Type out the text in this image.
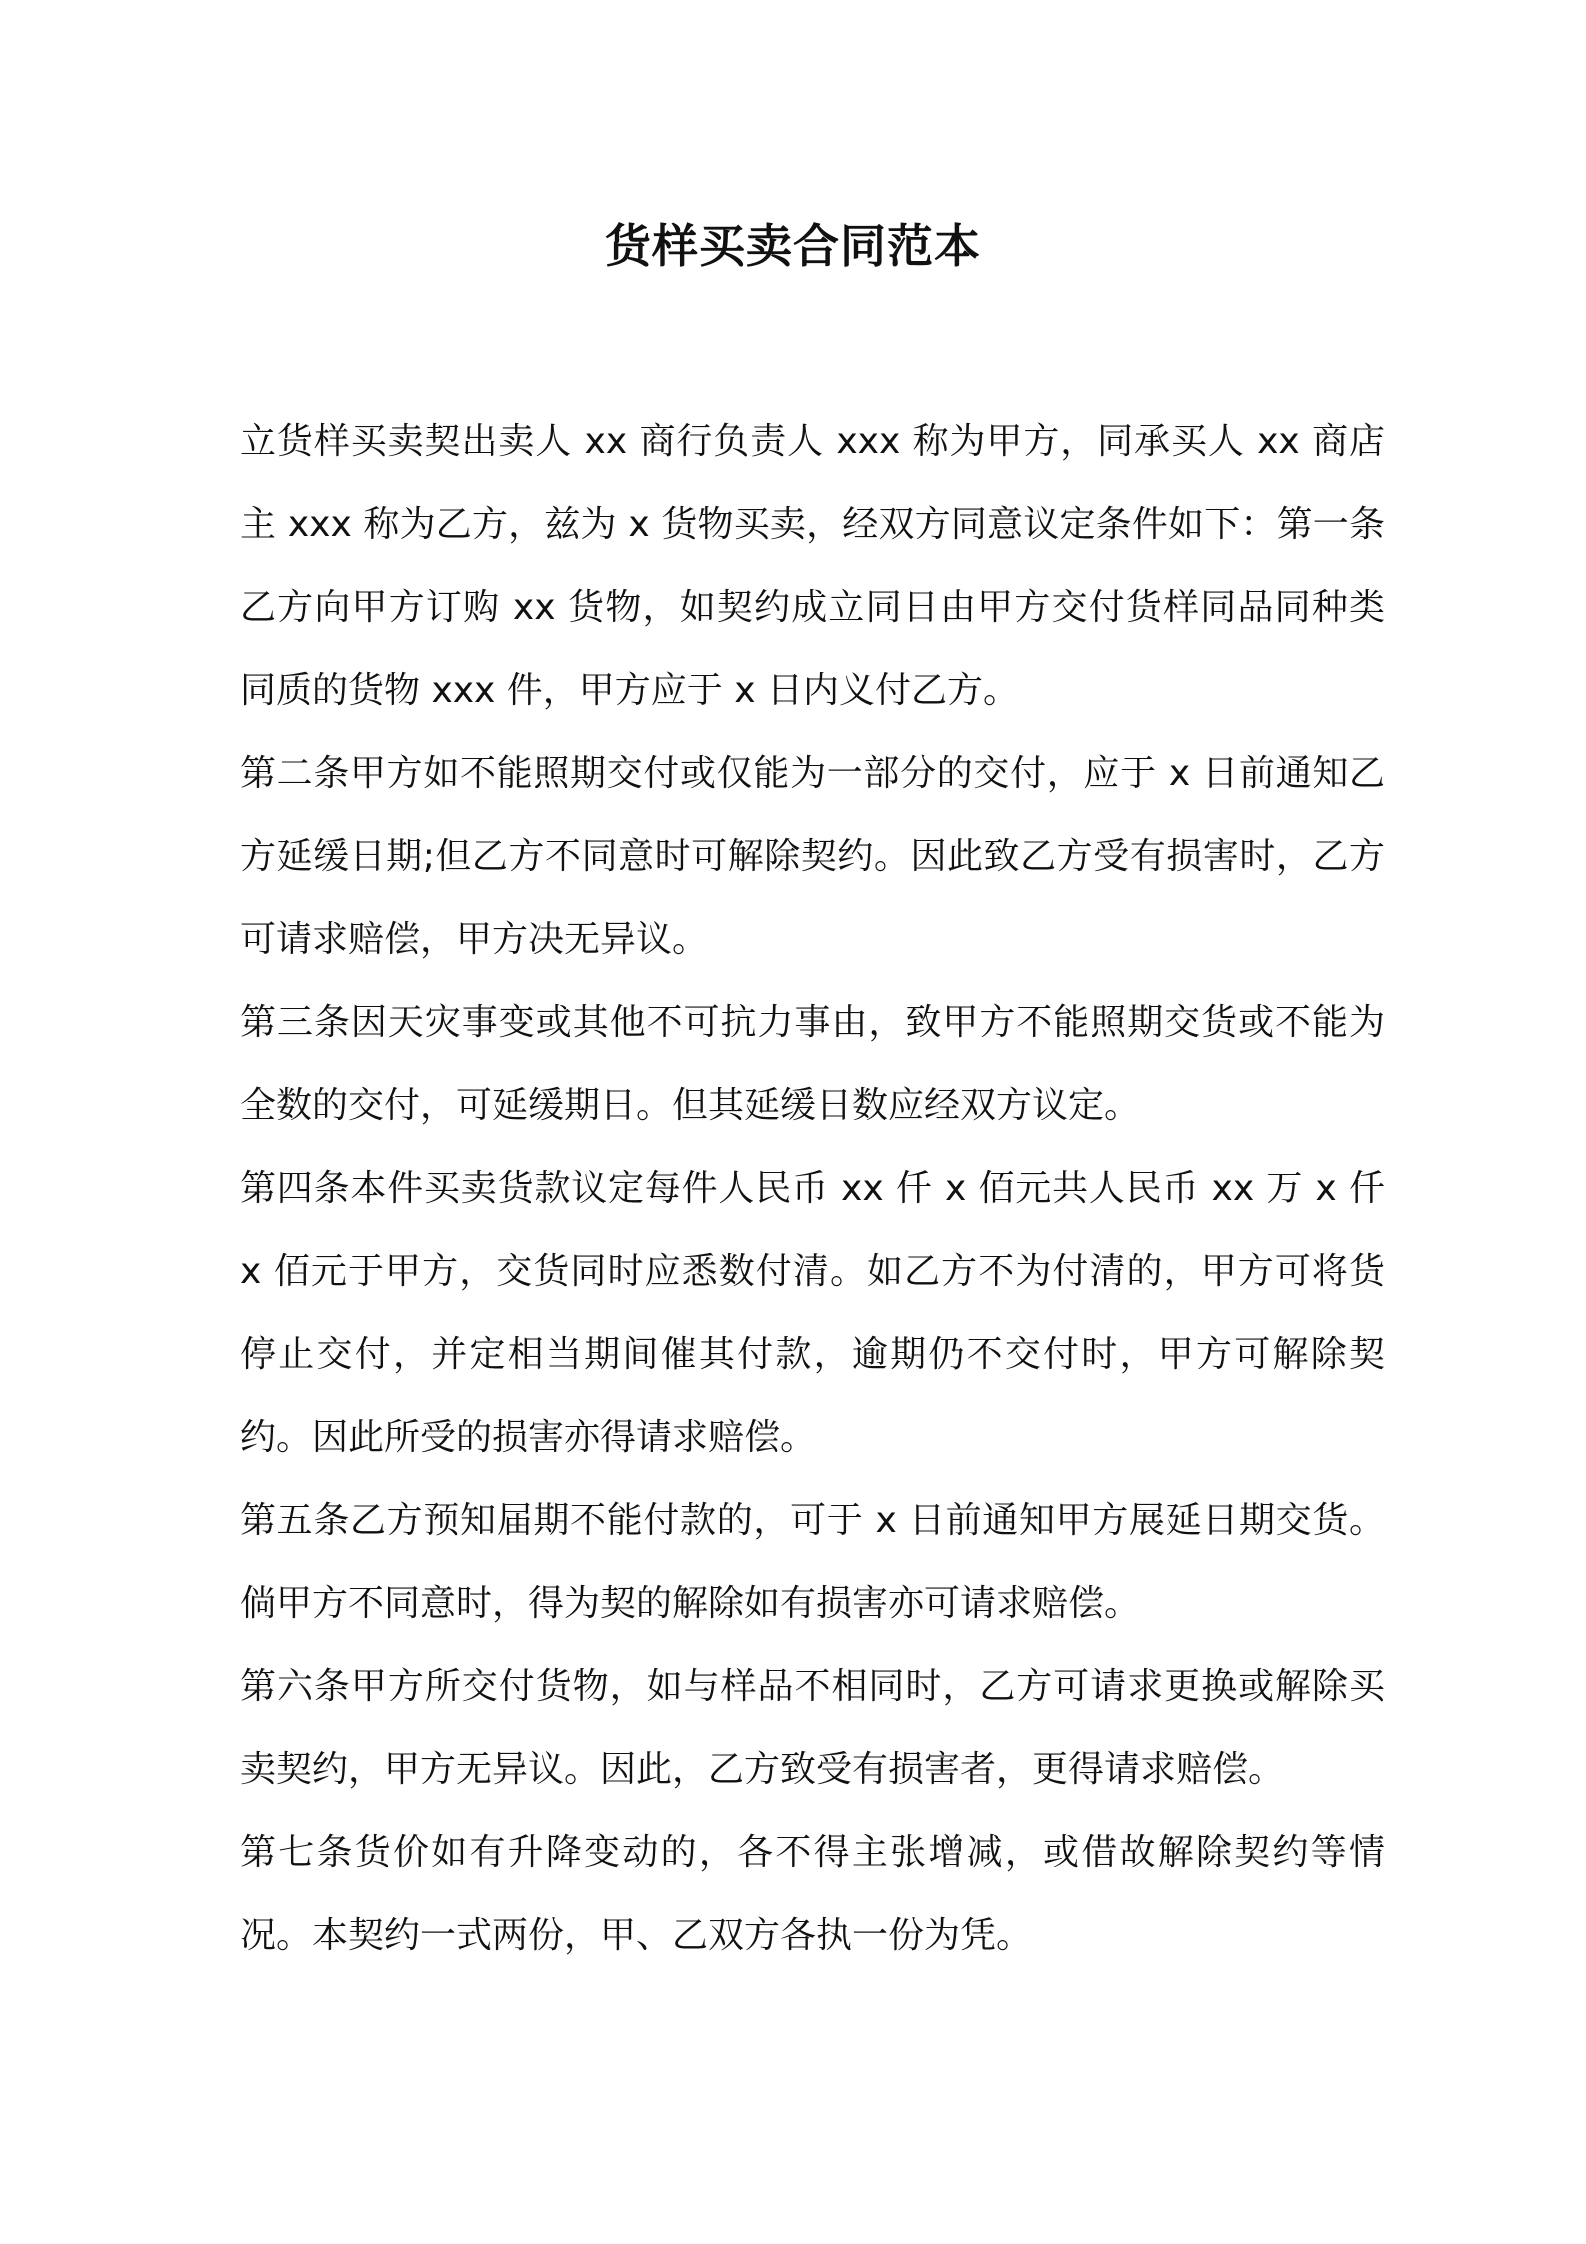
货样买卖合同范本

立货样买卖契出卖人 xx 商行负责人 xxx 称为甲方，同承买人 xx 商店主 xxx 称为乙方，兹为 x 货物买卖，经双方同意议定条件如下：第一条乙方向甲方订购 xx 货物，如契约成立同日由甲方交付货样同品同种类同质的货物 xxx 件，甲方应于 x 日内义付乙方。

第二条甲方如不能照期交付或仅能为一部分的交付，应于 x 日前通知乙方延缓日期;但乙方不同意时可解除契约。因此致乙方受有损害时，乙方可请求赔偿，甲方决无异议。

第三条因天灾事变或其他不可抗力事由，致甲方不能照期交货或不能为全数的交付，可延缓期日。但其延缓日数应经双方议定。

第四条本件买卖货款议定每件人民币 xx 仟 x 佰元共人民币 xx 万 x 仟 x 佰元于甲方，交货同时应悉数付清。如乙方不为付清的，甲方可将货停止交付，并定相当期间催其付款，逾期仍不交付时，甲方可解除契约。因此所受的损害亦得请求赔偿。

第五条乙方预知届期不能付款的，可于 x 日前通知甲方展延日期交货。倘甲方不同意时，得为契的解除如有损害亦可请求赔偿。

第六条甲方所交付货物，如与样品不相同时，乙方可请求更换或解除买卖契约，甲方无异议。因此，乙方致受有损害者，更得请求赔偿。

第七条货价如有升降变动的，各不得主张增减，或借故解除契约等情况。本契约一式两份，甲、乙双方各执一份为凭。
